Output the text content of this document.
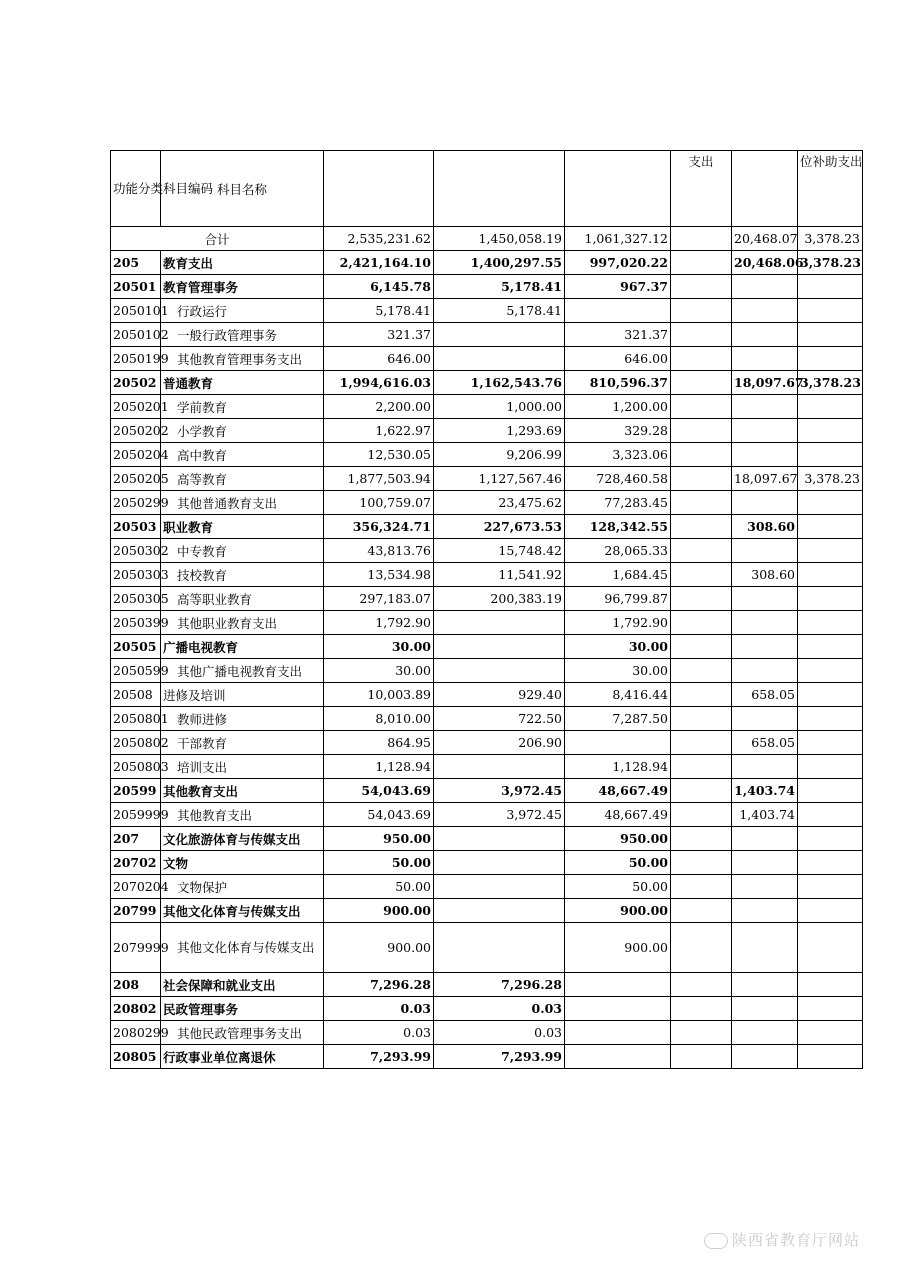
功能分类科目编码	科目名称				支出		位补助支出
合计		2,535,231.62	1,450,058.19	1,061,327.12		20,468.07	3,378.23
205	教育支出	2,421,164.10	1,400,297.55	997,020.22		20,468.06	3,378.23
20501	教育管理事务	6,145.78	5,178.41	967.37			
2050101	行政运行	5,178.41	5,178.41				
2050102	一般行政管理事务	321.37		321.37			
2050199	其他教育管理事务支出	646.00		646.00			
20502	普通教育	1,994,616.03	1,162,543.76	810,596.37		18,097.67	3,378.23
2050201	学前教育	2,200.00	1,000.00	1,200.00			
2050202	小学教育	1,622.97	1,293.69	329.28			
2050204	高中教育	12,530.05	9,206.99	3,323.06			
2050205	高等教育	1,877,503.94	1,127,567.46	728,460.58		18,097.67	3,378.23
2050299	其他普通教育支出	100,759.07	23,475.62	77,283.45			
20503	职业教育	356,324.71	227,673.53	128,342.55		308.60	
2050302	中专教育	43,813.76	15,748.42	28,065.33			
2050303	技校教育	13,534.98	11,541.92	1,684.45		308.60	
2050305	高等职业教育	297,183.07	200,383.19	96,799.87			
2050399	其他职业教育支出	1,792.90		1,792.90			
20505	广播电视教育	30.00		30.00			
2050599	其他广播电视教育支出	30.00		30.00			
20508	进修及培训	10,003.89	929.40	8,416.44		658.05	
2050801	教师进修	8,010.00	722.50	7,287.50			
2050802	干部教育	864.95	206.90			658.05	
2050803	培训支出	1,128.94		1,128.94			
20599	其他教育支出	54,043.69	3,972.45	48,667.49		1,403.74	
2059999	其他教育支出	54,043.69	3,972.45	48,667.49		1,403.74	
207	文化旅游体育与传媒支出	950.00		950.00			
20702	文物	50.00		50.00			
2070204	文物保护	50.00		50.00			
20799	其他文化体育与传媒支出	900.00		900.00			
2079999	其他文化体育与传媒支出	900.00		900.00			
208	社会保障和就业支出	7,296.28	7,296.28				
20802	民政管理事务	0.03	0.03				
2080299	其他民政管理事务支出	0.03	0.03				
20805	行政事业单位离退休	7,293.99	7,293.99				
陕西省教育厅网站
